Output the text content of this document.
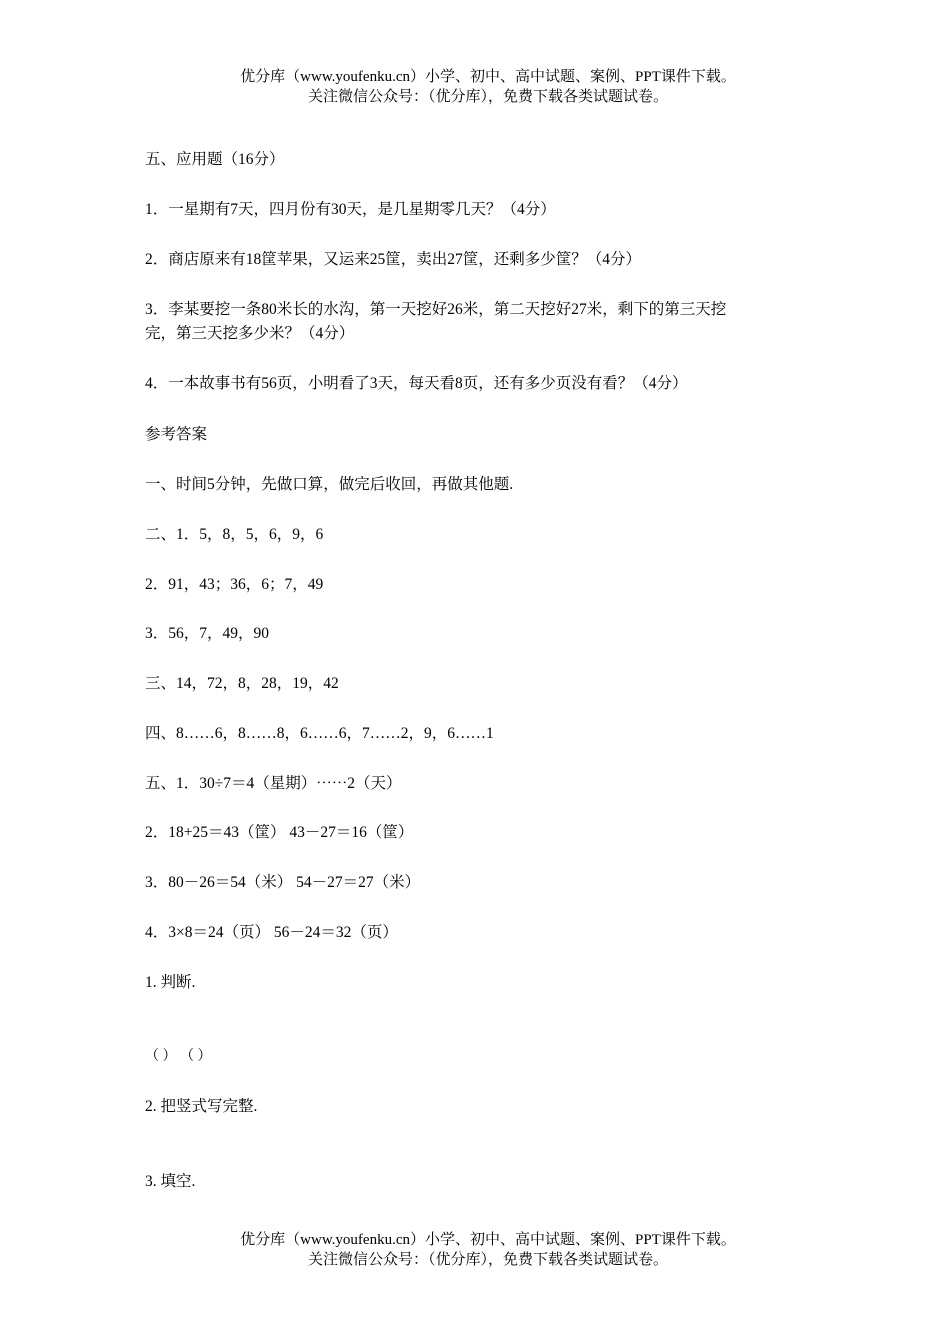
优分库（www.youfenku.cn）小学、初中、高中试题、案例、PPT课件下载。
关注微信公众号：（优分库），免费下载各类试题试卷。
五、应用题（16分）
1．一星期有7天，四月份有30天，是几星期零几天？（4分）
2．商店原来有18筐苹果，又运来25筐，卖出27筐，还剩多少筐？（4分）
3．李某要挖一条80米长的水沟，第一天挖好26米，第二天挖好27米，剩下的第三天挖
完，第三天挖多少米？（4分）
4．一本故事书有56页，小明看了3天，每天看8页，还有多少页没有看？（4分）
参考答案
一、时间5分钟，先做口算，做完后收回，再做其他题.
二、1．5，8，5，6，9，6
2．91，43；36，6；7，49
3．56，7，49，90
三、14，72，8，28，19，42
四、8……6，8……8，6……6，7……2，9，6……1
五、1．30÷7＝4（星期）⋯⋯2（天）
2．18+25＝43（筐） 43－27＝16（筐）
3．80－26＝54（米） 54－27＝27（米）
4．3×8＝24（页） 56－24＝32（页）
1. 判断.
（ ） （ ）
2. 把竖式写完整.
3. 填空.
优分库（www.youfenku.cn）小学、初中、高中试题、案例、PPT课件下载。
关注微信公众号：（优分库），免费下载各类试题试卷。
